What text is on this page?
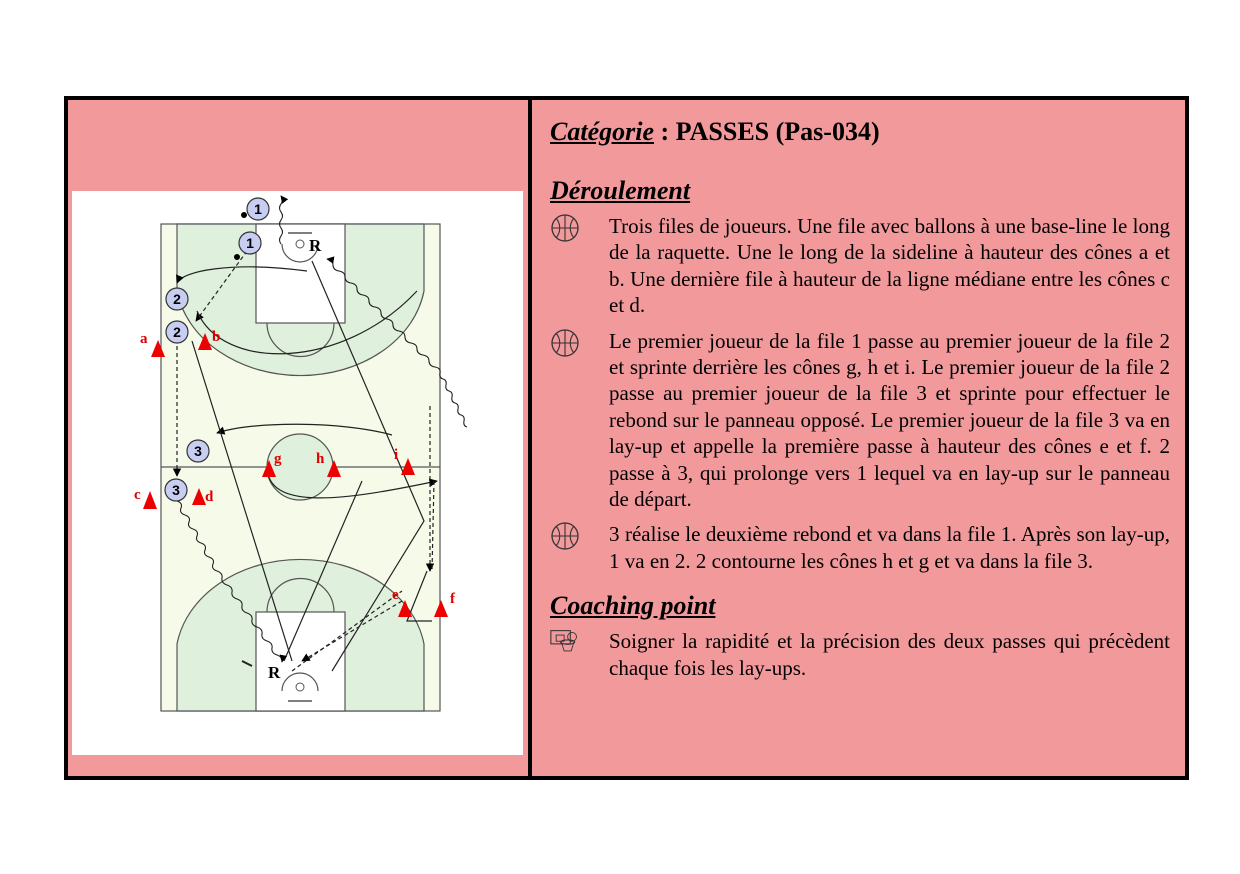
1
1
2
2
3
3
R
R
a	b
c	d
e	f
g h	i

Catégorie : PASSES (Pas-034)

Déroulement

Trois files de joueurs. Une file avec ballons à une base-line le long de la raquette. Une le long de la sideline à hauteur des cônes a et b. Une dernière file à hauteur de la ligne médiane entre les cônes c et d.
Le premier joueur de la file 1 passe au premier joueur de la file 2 et sprinte derrière les cônes g, h et i. Le premier joueur de la file 2 passe au premier joueur de la file 3 et sprinte pour effectuer le rebond sur le panneau opposé. Le premier joueur de la file 3 va en lay-up et appelle la première passe à hauteur des cônes e et f. 2 passe à 3, qui prolonge vers 1 lequel va en lay-up sur le panneau de départ.
3 réalise le deuxième rebond et va dans la file 1. Après son lay-up, 1 va en 2. 2 contourne les cônes h et g et va dans la file 3.

Coaching point

Soigner la rapidité et la précision des deux passes qui précèdent chaque fois les lay-ups.
